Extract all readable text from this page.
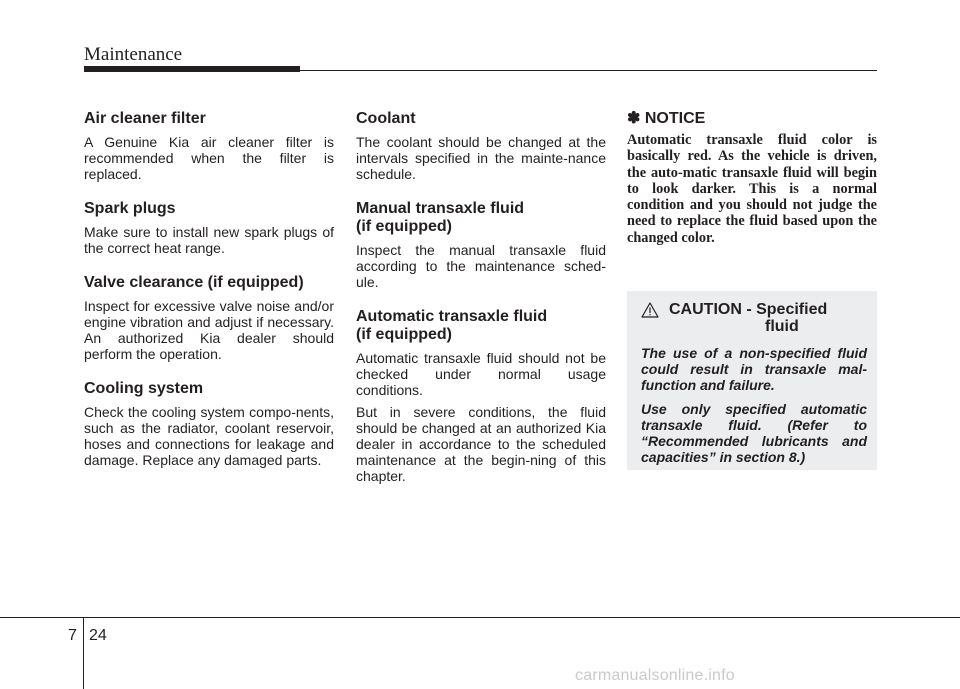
Maintenance
Air cleaner filter

A Genuine Kia air cleaner filter is recommended when the filter is replaced.

Spark plugs

Make sure to install new spark plugs of the correct heat range.

Valve clearance (if equipped)

Inspect for excessive valve noise and/or engine vibration and adjust if necessary. An authorized Kia dealer should perform the operation.

Cooling system

Check the cooling system compo-nents, such as the radiator, coolant reservoir, hoses and connections for leakage and damage. Replace any damaged parts.

Coolant

The coolant should be changed at the intervals specified in the mainte-nance schedule.

Manual transaxle fluid
(if equipped)

Inspect the manual transaxle fluid according to the maintenance sched-ule.

Automatic transaxle fluid
(if equipped)

Automatic transaxle fluid should not be checked under normal usage conditions.

But in severe conditions, the fluid should be changed at an authorized Kia dealer in accordance to the scheduled maintenance at the begin-ning of this chapter.

✽ NOTICE

Automatic transaxle fluid color is basically red. As the vehicle is driven, the auto-matic transaxle fluid will begin to look darker. This is a normal condition and you should not judge the need to replace the fluid based upon the changed color.

CAUTION - Specified
fluid

The use of a non-specified fluid could result in transaxle mal-function and failure.

Use only specified automatic transaxle fluid. (Refer to “Recommended lubricants and capacities” in section 8.)

7 24
carmanualsonline.info
